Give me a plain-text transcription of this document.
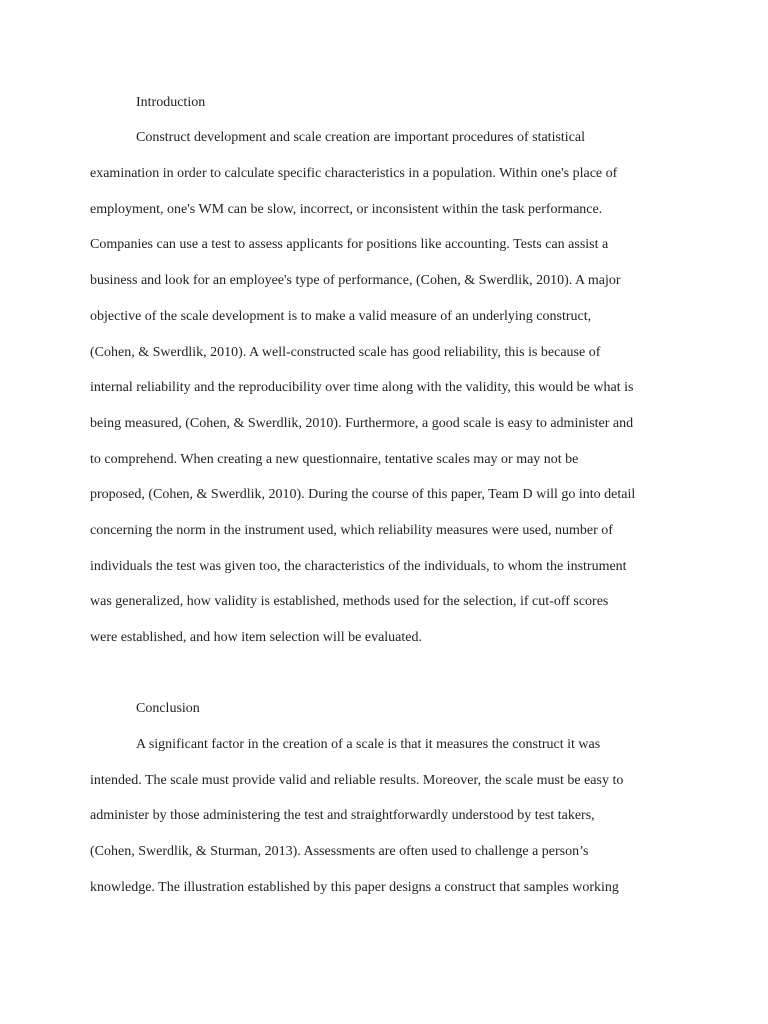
Introduction
Construct development and scale creation are important procedures of statistical
examination in order to calculate specific characteristics in a population. Within one's place of
employment, one's WM can be slow, incorrect, or inconsistent within the task performance.
Companies can use a test to assess applicants for positions like accounting. Tests can assist a
business and look for an employee's type of performance, (Cohen, & Swerdlik, 2010). A major
objective of the scale development is to make a valid measure of an underlying construct,
(Cohen, & Swerdlik, 2010). A well-constructed scale has good reliability, this is because of
internal reliability and the reproducibility over time along with the validity, this would be what is
being measured, (Cohen, & Swerdlik, 2010). Furthermore, a good scale is easy to administer and
to comprehend. When creating a new questionnaire, tentative scales may or may not be
proposed, (Cohen, & Swerdlik, 2010). During the course of this paper, Team D will go into detail
concerning the norm in the instrument used, which reliability measures were used, number of
individuals the test was given too, the characteristics of the individuals, to whom the instrument
was generalized, how validity is established, methods used for the selection, if cut-off scores
were established, and how item selection will be evaluated.
Conclusion
A significant factor in the creation of a scale is that it measures the construct it was
intended. The scale must provide valid and reliable results. Moreover, the scale must be easy to
administer by those administering the test and straightforwardly understood by test takers,
(Cohen, Swerdlik, & Sturman, 2013). Assessments are often used to challenge a person’s
knowledge. The illustration established by this paper designs a construct that samples working
